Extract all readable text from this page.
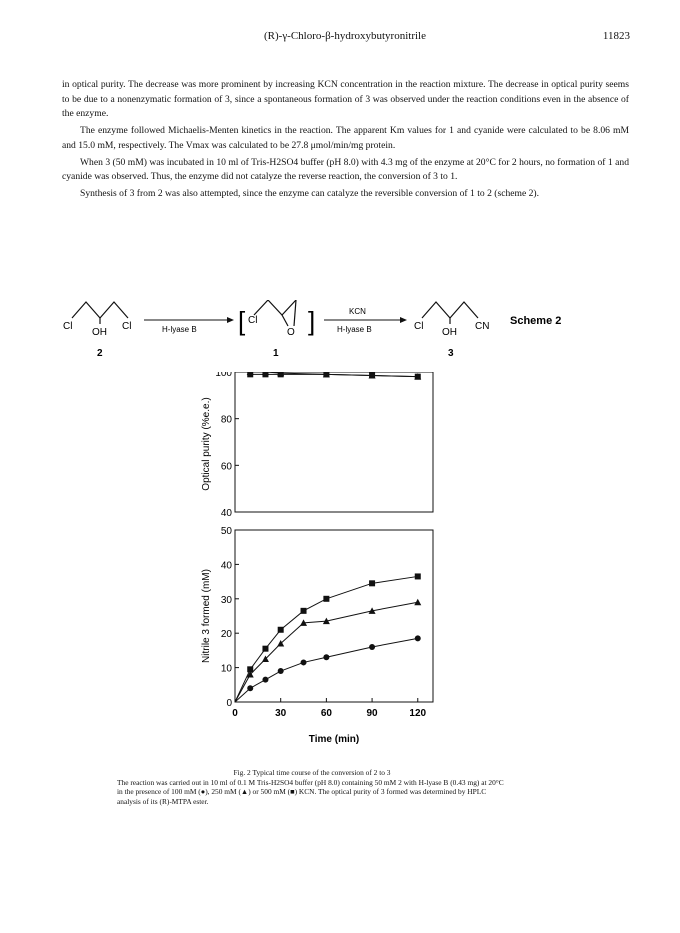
(R)-γ-Chloro-β-hydroxybutyronitrile	11823

in optical purity. The decrease was more prominent by increasing KCN concentration in the reaction mixture. The decrease in optical purity seems to be due to a nonenzymatic formation of 3, since a spontaneous formation of 3 was observed under the reaction conditions even in the absence of the enzyme.

The enzyme followed Michaelis-Menten kinetics in the reaction. The apparent Km values for 1 and cyanide were calculated to be 8.06 mM and 15.0 mM, respectively. The Vmax was calculated to be 27.8 μmol/min/mg protein.

When 3 (50 mM) was incubated in 10 ml of Tris-H2SO4 buffer (pH 8.0) with 4.3 mg of the enzyme at 20°C for 2 hours, no formation of 1 and cyanide was observed. Thus, the enzyme did not catalyze the reverse reaction, the conversion of 3 to 1.

Synthesis of 3 from 2 was also attempted, since the enzyme can catalyze the reversible conversion of 1 to 2 (scheme 2).

Cl
OH
Cl
2
H-lyase B [ Cl
O ]
1
KCN
H-lyase B	Cl
OH
CN
3
Scheme 2
Optical purity (%e.e.)
40
60
80
100
Nitrile 3 formed (mM)
0
10
20
30
40
50
0	30	60	90	120
Time (min)
Fig. 2 Typical time course of the conversion of 2 to 3
The reaction was carried out in 10 ml of 0.1 M Tris-H2SO4 buffer (pH 8.0) containing 50 mM 2 with H-lyase B (0.43 mg) at 20°C in the presence of 100 mM (●), 250 mM (▲) or 500 mM (■) KCN. The optical purity of 3 formed was determined by HPLC analysis of its (R)-MTPA ester.
